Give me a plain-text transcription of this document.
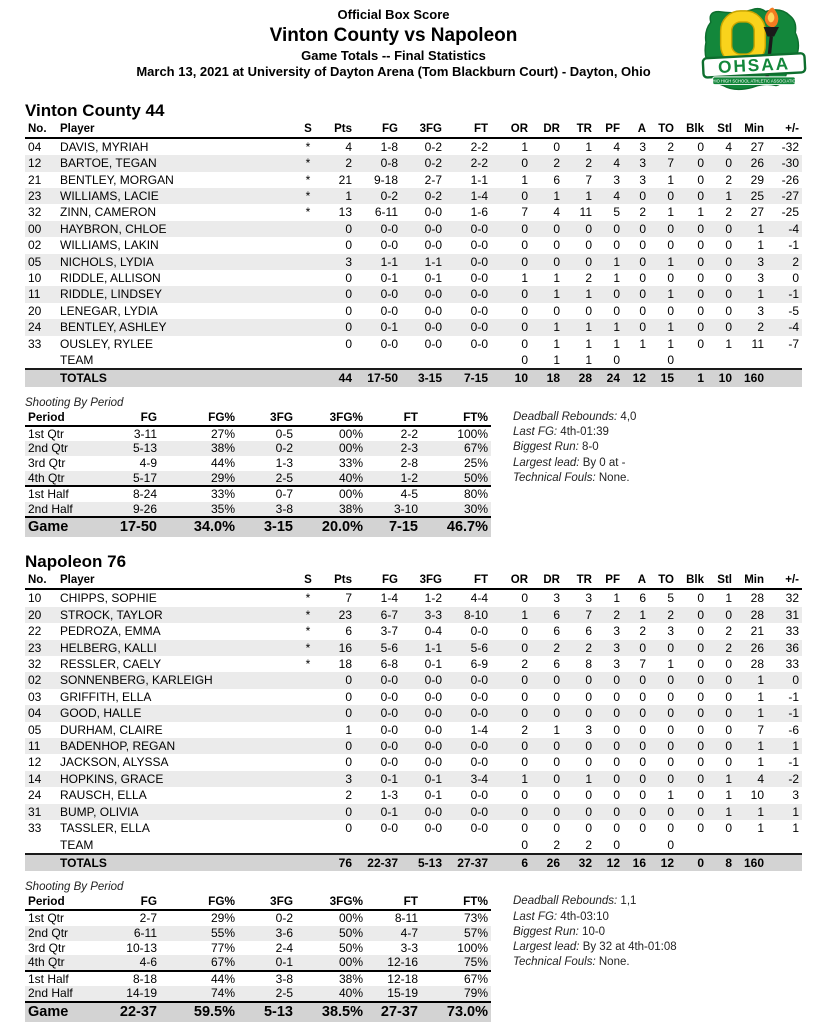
Official Box Score
Vinton County vs Napoleon
Game Totals -- Final Statistics
March 13, 2021 at University of Dayton Arena (Tom Blackburn Court) - Dayton, Ohio	OHSAA
OHIO HIGH SCHOOL ATHLETIC ASSOCIATION
Vinton County 44
No.	Player	S	Pts	FG	3FG	FT	OR	DR	TR	PF	A	TO	Blk	Stl	Min	+/-
04	DAVIS, MYRIAH	*	4	1-8	0-2	2-2	1	0	1	4	3	2	0	4	27	-32
12	BARTOE, TEGAN	*	2	0-8	0-2	2-2	0	2	2	4	3	7	0	0	26	-30
21	BENTLEY, MORGAN	*	21	9-18	2-7	1-1	1	6	7	3	3	1	0	2	29	-26
23	WILLIAMS, LACIE	*	1	0-2	0-2	1-4	0	1	1	4	0	0	0	1	25	-27
32	ZINN, CAMERON	*	13	6-11	0-0	1-6	7	4	11	5	2	1	1	2	27	-25
00	HAYBRON, CHLOE		0	0-0	0-0	0-0	0	0	0	0	0	0	0	0	1	-4
02	WILLIAMS, LAKIN		0	0-0	0-0	0-0	0	0	0	0	0	0	0	0	1	-1
05	NICHOLS, LYDIA		3	1-1	1-1	0-0	0	0	0	1	0	1	0	0	3	2
10	RIDDLE, ALLISON		0	0-1	0-1	0-0	1	1	2	1	0	0	0	0	3	0
11	RIDDLE, LINDSEY		0	0-0	0-0	0-0	0	1	1	0	0	1	0	0	1	-1
20	LENEGAR, LYDIA		0	0-0	0-0	0-0	0	0	0	0	0	0	0	0	3	-5
24	BENTLEY, ASHLEY		0	0-1	0-0	0-0	0	1	1	1	0	1	0	0	2	-4
33	OUSLEY, RYLEE		0	0-0	0-0	0-0	0	1	1	1	1	1	0	1	11	-7
	TEAM						0	1	1	0		0				
	TOTALS		44	17-50	3-15	7-15	10	18	28	24	12	15	1	10	160	
Shooting By Period
Period	FG	FG%	3FG	3FG%	FT	FT%
1st Qtr	3-11	27%	0-5	00%	2-2	100%
2nd Qtr	5-13	38%	0-2	00%	2-3	67%
3rd Qtr	4-9	44%	1-3	33%	2-8	25%
4th Qtr	5-17	29%	2-5	40%	1-2	50%
1st Half	8-24	33%	0-7	00%	4-5	80%
2nd Half	9-26	35%	3-8	38%	3-10	30%
Game	17-50	34.0%	3-15	20.0%	7-15	46.7%
Deadball Rebounds: 4,0
Last FG: 4th-01:39
Biggest Run: 8-0
Largest lead: By 0 at -
Technical Fouls: None.
Napoleon 76
No.	Player	S	Pts	FG	3FG	FT	OR	DR	TR	PF	A	TO	Blk	Stl	Min	+/-
10	CHIPPS, SOPHIE	*	7	1-4	1-2	4-4	0	3	3	1	6	5	0	1	28	32
20	STROCK, TAYLOR	*	23	6-7	3-3	8-10	1	6	7	2	1	2	0	0	28	31
22	PEDROZA, EMMA	*	6	3-7	0-4	0-0	0	6	6	3	2	3	0	2	21	33
23	HELBERG, KALLI	*	16	5-6	1-1	5-6	0	2	2	3	0	0	0	2	26	36
32	RESSLER, CAELY	*	18	6-8	0-1	6-9	2	6	8	3	7	1	0	0	28	33
02	SONNENBERG, KARLEIGH		0	0-0	0-0	0-0	0	0	0	0	0	0	0	0	1	0
03	GRIFFITH, ELLA		0	0-0	0-0	0-0	0	0	0	0	0	0	0	0	1	-1
04	GOOD, HALLE		0	0-0	0-0	0-0	0	0	0	0	0	0	0	0	1	-1
05	DURHAM, CLAIRE		1	0-0	0-0	1-4	2	1	3	0	0	0	0	0	7	-6
11	BADENHOP, REGAN		0	0-0	0-0	0-0	0	0	0	0	0	0	0	0	1	1
12	JACKSON, ALYSSA		0	0-0	0-0	0-0	0	0	0	0	0	0	0	0	1	-1
14	HOPKINS, GRACE		3	0-1	0-1	3-4	1	0	1	0	0	0	0	1	4	-2
24	RAUSCH, ELLA		2	1-3	0-1	0-0	0	0	0	0	0	1	0	1	10	3
31	BUMP, OLIVIA		0	0-1	0-0	0-0	0	0	0	0	0	0	0	1	1	1
33	TASSLER, ELLA		0	0-0	0-0	0-0	0	0	0	0	0	0	0	0	1	1
	TEAM						0	2	2	0		0				
	TOTALS		76	22-37	5-13	27-37	6	26	32	12	16	12	0	8	160	
Shooting By Period
Period	FG	FG%	3FG	3FG%	FT	FT%
1st Qtr	2-7	29%	0-2	00%	8-11	73%
2nd Qtr	6-11	55%	3-6	50%	4-7	57%
3rd Qtr	10-13	77%	2-4	50%	3-3	100%
4th Qtr	4-6	67%	0-1	00%	12-16	75%
1st Half	8-18	44%	3-8	38%	12-18	67%
2nd Half	14-19	74%	2-5	40%	15-19	79%
Game	22-37	59.5%	5-13	38.5%	27-37	73.0%
Deadball Rebounds: 1,1
Last FG: 4th-03:10
Biggest Run: 10-0
Largest lead: By 32 at 4th-01:08
Technical Fouls: None.
